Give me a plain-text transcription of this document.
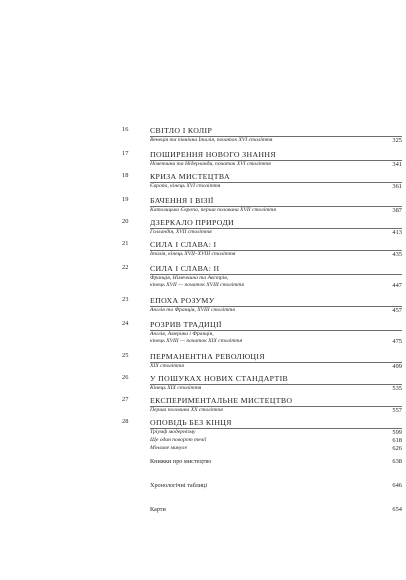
16	СВІТЛО І КОЛІР
Венеція та північна Італія, початок XVI століття	325
17	ПОШИРЕННЯ НОВОГО ЗНАННЯ
Німеччина та Нідерланди, початок XVI століття	341
18	КРИЗА МИСТЕЦТВА
Європа, кінець XVI століття	361
19	БАЧЕННЯ І ВІЗІЇ
Католицька Європа, перша половина XVII століття	387
20	ДЗЕРКАЛО ПРИРОДИ
Голландія, XVII століття	413
21	СИЛА І СЛАВА: I
Італія, кінець XVII–XVIII століття	435
22	СИЛА І СЛАВА: II
Франція, Німеччина та Австрія,
кінець XVII — початок XVIII століття	447
23	ЕПОХА РОЗУМУ
Англія та Франція, XVIII століття	457
24	РОЗРИВ ТРАДИЦІЇ
Англія, Америка і Франція,
кінець XVIII — початок XIX століття	475
25	ПЕРМАНЕНТНА РЕВОЛЮЦІЯ
XIX століття	499
26	У ПОШУКАХ НОВИХ СТАНДАРТІВ
Кінець XIX століття	535
27	ЕКСПЕРИМЕНТАЛЬНЕ МИСТЕЦТВО
Перша половина XX століття	557
28	ОПОВІДЬ БЕЗ КІНЦЯ
Тріумф модернізму	599
Ще один поворот течії	618
Мінливе минуле	626
Книжки про мистецтво	638
Хронологічні таблиці	646
Карти	654
